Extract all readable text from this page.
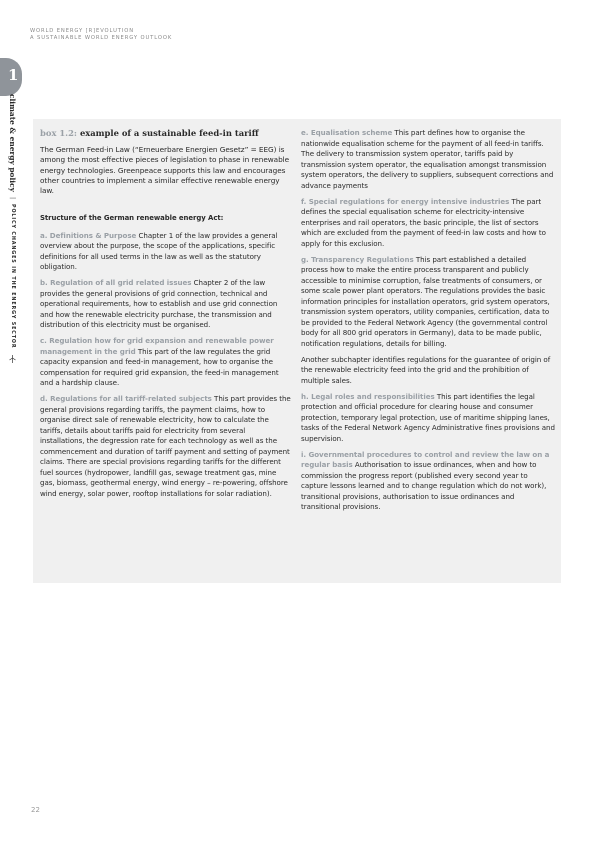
WORLD ENERGY [R]EVOLUTION
A SUSTAINABLE WORLD ENERGY OUTLOOK
1
climate & energy policy | POLICY CHANGES IN THE ENERGY SECTOR
box 1.2: example of a sustainable feed-in tariff

The German Feed-in Law (“Erneuerbare Energien Gesetz” = EEG) is among the most effective pieces of legislation to phase in renewable energy technologies. Greenpeace supports this law and encourages other countries to implement a similar effective renewable energy law.

Structure of the German renewable energy Act:

a. Definitions & Purpose Chapter 1 of the law provides a general overview about the purpose, the scope of the applications, specific definitions for all used terms in the law as well as the statutory obligation.

b. Regulation of all grid related issues Chapter 2 of the law provides the general provisions of grid connection, technical and operational requirements, how to establish and use grid connection and how the renewable electricity purchase, the transmission and distribution of this electricity must be organised.

c. Regulation how for grid expansion and renewable power management in the grid This part of the law regulates the grid capacity expansion and feed-in management, how to organise the compensation for required grid expansion, the feed-in management and a hardship clause.

d. Regulations for all tariff-related subjects This part provides the general provisions regarding tariffs, the payment claims, how to organise direct sale of renewable electricity, how to calculate the tariffs, details about tariffs paid for electricity from several installations, the degression rate for each technology as well as the commencement and duration of tariff payment and setting of payment claims. There are special provisions regarding tariffs for the different fuel sources (hydropower, landfill gas, sewage treatment gas, mine gas, biomass, geothermal energy, wind energy – re-powering, offshore wind energy, solar power, rooftop installations for solar radiation).

e. Equalisation scheme This part defines how to organise the nationwide equalisation scheme for the payment of all feed-in tariffs. The delivery to transmission system operator, tariffs paid by transmission system operator, the equalisation amongst transmission system operators, the delivery to suppliers, subsequent corrections and advance payments

f. Special regulations for energy intensive industries The part defines the special equalisation scheme for electricity-intensive enterprises and rail operators, the basic principle, the list of sectors which are excluded from the payment of feed-in law costs and how to apply for this exclusion.

g. Transparency Regulations This part established a detailed process how to make the entire process transparent and publicly accessible to minimise corruption, false treatments of consumers, or some scale power plant operators. The regulations provides the basic information principles for installation operators, grid system operators, transmission system operators, utility companies, certification, data to be provided to the Federal Network Agency (the governmental control body for all 800 grid operators in Germany), data to be made public, notification regulations, details for billing.

Another subchapter identifies regulations for the guarantee of origin of the renewable electricity feed into the grid and the prohibition of multiple sales.

h. Legal roles and responsibilities This part identifies the legal protection and official procedure for clearing house and consumer protection, temporary legal protection, use of maritime shipping lanes, tasks of the Federal Network Agency Administrative fines provisions and supervision.

i. Governmental procedures to control and review the law on a regular basis Authorisation to issue ordinances, when and how to commission the progress report (published every second year to capture lessons learned and to change regulation which do not work), transitional provisions, authorisation to issue ordinances and transitional provisions.

22
